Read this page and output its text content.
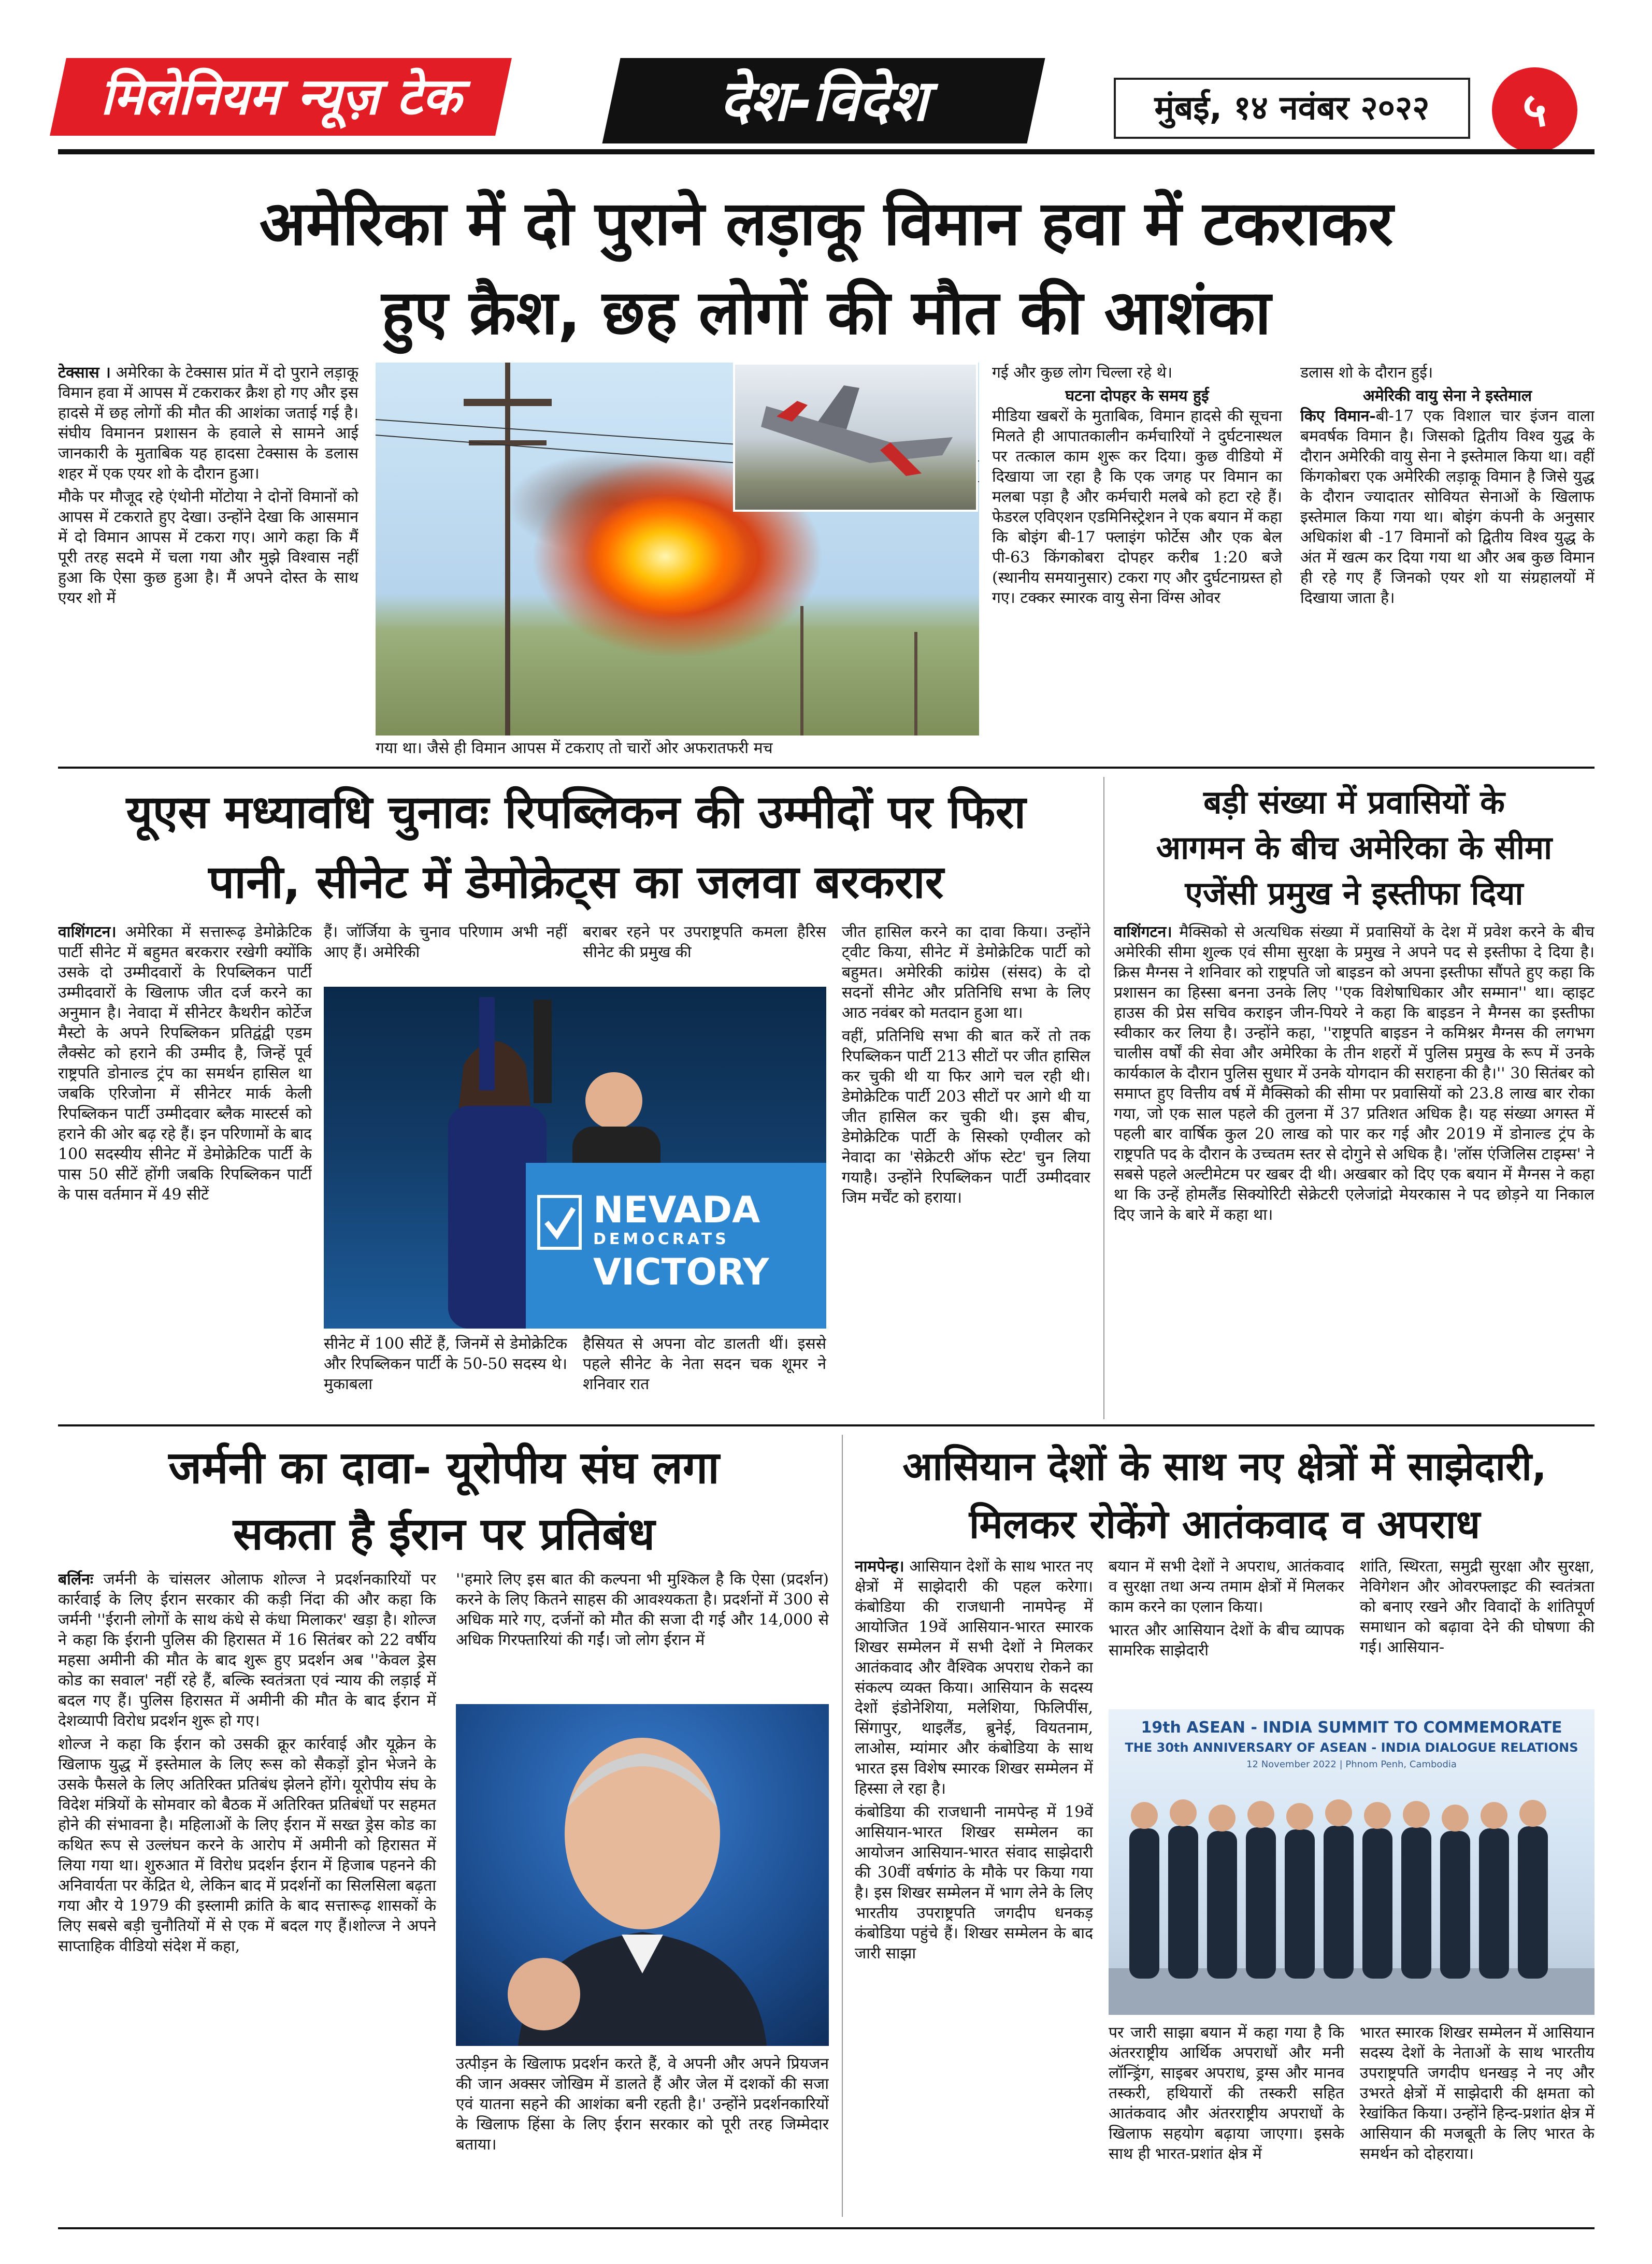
मिलेनियम न्यूज़ टेक	देश-विदेश	मुंबई, १४ नवंबर २०२२	५
अमेरिका में दो पुराने लड़ाकू विमान हवा में टकराकर
हुए क्रैश, छह लोगों की मौत की आशंका

टेक्सास । अमेरिका के टेक्सास प्रांत में दो पुराने लड़ाकू विमान हवा में आपस में टकराकर क्रैश हो गए और इस हादसे में छह लोगों की मौत की आशंका जताई गई है। संघीय विमानन प्रशासन के हवाले से सामने आई जानकारी के मुताबिक यह हादसा टेक्सास के डलास शहर में एक एयर शो के दौरान हुआ।

मौके पर मौजूद रहे एंथोनी मोंटोया ने दोनों विमानों को आपस में टकराते हुए देखा। उन्होंने देखा कि आसमान में दो विमान आपस में टकरा गए। आगे कहा कि मैं पूरी तरह सदमे में चला गया और मुझे विश्वास नहीं हुआ कि ऐसा कुछ हुआ है। मैं अपने दोस्त के साथ एयर शो में

गया था। जैसे ही विमान आपस में टकराए तो चारों ओर अफरातफरी मच

गई और कुछ लोग चिल्ला रहे थे।

घटना दोपहर के समय हुई

मीडिया खबरों के मुताबिक, विमान हादसे की सूचना मिलते ही आपातकालीन कर्मचारियों ने दुर्घटनास्थल पर तत्काल काम शुरू कर दिया। कुछ वीडियो में दिखाया जा रहा है कि एक जगह पर विमान का मलबा पड़ा है और कर्मचारी मलबे को हटा रहे हैं। फेडरल एविएशन एडमिनिस्ट्रेशन ने एक बयान में कहा कि बोइंग बी-17 फ्लाइंग फोर्टेस और एक बेल पी-63 किंगकोबरा दोपहर करीब 1:20 बजे (स्थानीय समयानुसार) टकरा गए और दुर्घटनाग्रस्त हो गए। टक्कर स्मारक वायु सेना विंग्स ओवर

डलास शो के दौरान हुई।

अमेरिकी वायु सेना ने इस्तेमाल

किए विमान-बी-17 एक विशाल चार इंजन वाला बमवर्षक विमान है। जिसको द्वितीय विश्व युद्ध के दौरान अमेरिकी वायु सेना ने इस्तेमाल किया था। वहीं किंगकोबरा एक अमेरिकी लड़ाकू विमान है जिसे युद्ध के दौरान ज्यादातर सोवियत सेनाओं के खिलाफ इस्तेमाल किया गया था। बोइंग कंपनी के अनुसार अधिकांश बी -17 विमानों को द्वितीय विश्व युद्ध के अंत में खत्म कर दिया गया था और अब कुछ विमान ही रहे गए हैं जिनको एयर शो या संग्रहालयों में दिखाया जाता है।

यूएस मध्यावधि चुनावः रिपब्लिकन की उम्मीदों पर फिरा
पानी, सीनेट में डेमोक्रेट्स का जलवा बरकरार

वाशिंगटन। अमेरिका में सत्तारूढ़ डेमोक्रेटिक पार्टी सीनेट में बहुमत बरकरार रखेगी क्योंकि उसके दो उम्मीदवारों के रिपब्लिकन पार्टी उम्मीदवारों के खिलाफ जीत दर्ज करने का अनुमान है। नेवादा में सीनेटर कैथरीन कोर्टेज मैस्टो के अपने रिपब्लिकन प्रतिद्वंद्वी एडम लैक्सेट को हराने की उम्मीद है, जिन्हें पूर्व राष्ट्रपति डोनाल्ड ट्रंप का समर्थन हासिल था जबकि एरिजोना में सीनेटर मार्क केली रिपब्लिकन पार्टी उम्मीदवार ब्लैक मास्टर्स को हराने की ओर बढ़ रहे हैं। इन परिणामों के बाद 100 सदस्यीय सीनेट में डेमोक्रेटिक पार्टी के पास 50 सीटें होंगी जबकि रिपब्लिकन पार्टी के पास वर्तमान में 49 सीटें

हैं। जॉर्जिया के चुनाव परिणाम अभी नहीं आए हैं। अमेरिकी
बराबर रहने पर उपराष्ट्रपति कमला हैरिस सीनेट की प्रमुख की
NEVADA
DEMOCRATS
VICTORY
सीनेट में 100 सीटें हैं, जिनमें से डेमोक्रेटिक और रिपब्लिकन पार्टी के 50-50 सदस्य थे। मुकाबला
हैसियत से अपना वोट डालती थीं। इससे पहले सीनेट के नेता सदन चक शूमर ने शनिवार रात

जीत हासिल करने का दावा किया। उन्होंने ट्वीट किया, सीनेट में डेमोक्रेटिक पार्टी को बहुमत। अमेरिकी कांग्रेस (संसद) के दो सदनों सीनेट और प्रतिनिधि सभा के लिए आठ नवंबर को मतदान हुआ था।

वहीं, प्रतिनिधि सभा की बात करें तो तक रिपब्लिकन पार्टी 213 सीटों पर जीत हासिल कर चुकी थी या फिर आगे चल रही थी। डेमोक्रेटिक पार्टी 203 सीटों पर आगे थी या जीत हासिल कर चुकी थी। इस बीच, डेमोक्रेटिक पार्टी के सिस्को एग्वीलर को नेवादा का 'सेक्रेटरी ऑफ स्टेट' चुन लिया गयाहै। उन्होंने रिपब्लिकन पार्टी उम्मीदवार जिम मर्चेंट को हराया।

बड़ी संख्या में प्रवासियों के
आगमन के बीच अमेरिका के सीमा
एजेंसी प्रमुख ने इस्तीफा दिया

वाशिंगटन। मैक्सिको से अत्यधिक संख्या में प्रवासियों के देश में प्रवेश करने के बीच अमेरिकी सीमा शुल्क एवं सीमा सुरक्षा के प्रमुख ने अपने पद से इस्तीफा दे दिया है। क्रिस मैग्नस ने शनिवार को राष्ट्रपति जो बाइडन को अपना इस्तीफा सौंपते हुए कहा कि प्रशासन का हिस्सा बनना उनके लिए ''एक विशेषाधिकार और सम्मान'' था। व्हाइट हाउस की प्रेस सचिव कराइन जीन-पियरे ने कहा कि बाइडन ने मैग्नस का इस्तीफा स्वीकार कर लिया है। उन्होंने कहा, ''राष्ट्रपति बाइडन ने कमिश्नर मैग्नस की लगभग चालीस वर्षों की सेवा और अमेरिका के तीन शहरों में पुलिस प्रमुख के रूप में उनके कार्यकाल के दौरान पुलिस सुधार में उनके योगदान की सराहना की है।'' 30 सितंबर को समाप्त हुए वित्तीय वर्ष में मैक्सिको की सीमा पर प्रवासियों को 23.8 लाख बार रोका गया, जो एक साल पहले की तुलना में 37 प्रतिशत अधिक है। यह संख्या अगस्त में पहली बार वार्षिक कुल 20 लाख को पार कर गई और 2019 में डोनाल्ड ट्रंप के राष्ट्रपति पद के दौरान के उच्चतम स्तर से दोगुने से अधिक है। 'लॉस एंजिलिस टाइम्स' ने सबसे पहले अल्टीमेटम पर खबर दी थी। अखबार को दिए एक बयान में मैग्नस ने कहा था कि उन्हें होमलैंड सिक्योरिटी सेक्रेटरी एलेजांद्रो मेयरकास ने पद छोड़ने या निकाल दिए जाने के बारे में कहा था।

जर्मनी का दावा- यूरोपीय संघ लगा
सकता है ईरान पर प्रतिबंध

बर्लिनः जर्मनी के चांसलर ओलाफ शोल्ज ने प्रदर्शनकारियों पर कार्रवाई के लिए ईरान सरकार की कड़ी निंदा की और कहा कि जर्मनी ''ईरानी लोगों के साथ कंधे से कंधा मिलाकर' खड़ा है। शोल्ज ने कहा कि ईरानी पुलिस की हिरासत में 16 सितंबर को 22 वर्षीय महसा अमीनी की मौत के बाद शुरू हुए प्रदर्शन अब ''केवल ड्रेस कोड का सवाल' नहीं रहे हैं, बल्कि स्वतंत्रता एवं न्याय की लड़ाई में बदल गए हैं। पुलिस हिरासत में अमीनी की मौत के बाद ईरान में देशव्यापी विरोध प्रदर्शन शुरू हो गए।

शोल्ज ने कहा कि ईरान को उसकी क्रूर कार्रवाई और यूक्रेन के खिलाफ युद्ध में इस्तेमाल के लिए रूस को सैकड़ों ड्रोन भेजने के उसके फैसले के लिए अतिरिक्त प्रतिबंध झेलने होंगे। यूरोपीय संघ के विदेश मंत्रियों के सोमवार को बैठक में अतिरिक्त प्रतिबंधों पर सहमत होने की संभावना है। महिलाओं के लिए ईरान में सख्त ड्रेस कोड का कथित रूप से उल्लंघन करने के आरोप में अमीनी को हिरासत में लिया गया था। शुरुआत में विरोध प्रदर्शन ईरान में हिजाब पहनने की अनिवार्यता पर केंद्रित थे, लेकिन बाद में प्रदर्शनों का सिलसिला बढ़ता गया और ये 1979 की इस्लामी क्रांति के बाद सत्तारूढ़ शासकों के लिए सबसे बड़ी चुनौतियों में से एक में बदल गए हैं।शोल्ज ने अपने साप्ताहिक वीडियो संदेश में कहा,

''हमारे लिए इस बात की कल्पना भी मुश्किल है कि ऐसा (प्रदर्शन) करने के लिए कितने साहस की आवश्यकता है। प्रदर्शनों में 300 से अधिक मारे गए, दर्जनों को मौत की सजा दी गई और 14,000 से अधिक गिरफ्तारियां की गईं। जो लोग ईरान में
उत्पीड़न के खिलाफ प्रदर्शन करते हैं, वे अपनी और अपने प्रियजन की जान अक्सर जोखिम में डालते हैं और जेल में दशकों की सजा एवं यातना सहने की आशंका बनी रहती है।' उन्होंने प्रदर्शनकारियों के खिलाफ हिंसा के लिए ईरान सरकार को पूरी तरह जिम्मेदार बताया।
आसियान देशों के साथ नए क्षेत्रों में साझेदारी,
मिलकर रोकेंगे आतंकवाद व अपराध

नामपेन्ह। आसियान देशों के साथ भारत नए क्षेत्रों में साझेदारी की पहल करेगा। कंबोडिया की राजधानी नामपेन्ह में आयोजित 19वें आसियान-भारत स्मारक शिखर सम्मेलन में सभी देशों ने मिलकर आतंकवाद और वैश्विक अपराध रोकने का संकल्प व्यक्त किया। आसियान के सदस्य देशों इंडोनेशिया, मलेशिया, फिलिपींस, सिंगापुर, थाइलैंड, ब्रुनेई, वियतनाम, लाओस, म्यांमार और कंबोडिया के साथ भारत इस विशेष स्मारक शिखर सम्मेलन में हिस्सा ले रहा है।

कंबोडिया की राजधानी नामपेन्ह में 19वें आसियान-भारत शिखर सम्मेलन का आयोजन आसियान-भारत संवाद साझेदारी की 30वीं वर्षगांठ के मौके पर किया गया है। इस शिखर सम्मेलन में भाग लेने के लिए भारतीय उपराष्ट्रपति जगदीप धनकड़ कंबोडिया पहुंचे हैं। शिखर सम्मेलन के बाद जारी साझा

बयान में सभी देशों ने अपराध, आतंकवाद व सुरक्षा तथा अन्य तमाम क्षेत्रों में मिलकर काम करने का एलान किया।

भारत और आसियान देशों के बीच व्यापक सामरिक साझेदारी

शांति, स्थिरता, समुद्री सुरक्षा और सुरक्षा, नेविगेशन और ओवरफ्लाइट की स्वतंत्रता को बनाए रखने और विवादों के शांतिपूर्ण समाधान को बढ़ावा देने की घोषणा की गई। आसियान-
19th ASEAN - INDIA SUMMIT TO COMMEMORATE
THE 30th ANNIVERSARY OF ASEAN - INDIA DIALOGUE RELATIONS
12 November 2022 | Phnom Penh, Cambodia
पर जारी साझा बयान में कहा गया है कि अंतरराष्ट्रीय आर्थिक अपराधों और मनी लॉन्ड्रिंग, साइबर अपराध, ड्रग्स और मानव तस्करी, हथियारों की तस्करी सहित आतंकवाद और अंतरराष्ट्रीय अपराधों के खिलाफ सहयोग बढ़ाया जाएगा। इसके साथ ही भारत-प्रशांत क्षेत्र में
भारत स्मारक शिखर सम्मेलन में आसियान सदस्य देशों के नेताओं के साथ भारतीय उपराष्ट्रपति जगदीप धनखड़ ने नए और उभरते क्षेत्रों में साझेदारी की क्षमता को रेखांकित किया। उन्होंने हिन्द-प्रशांत क्षेत्र में आसियान की मजबूती के लिए भारत के समर्थन को दोहराया।
